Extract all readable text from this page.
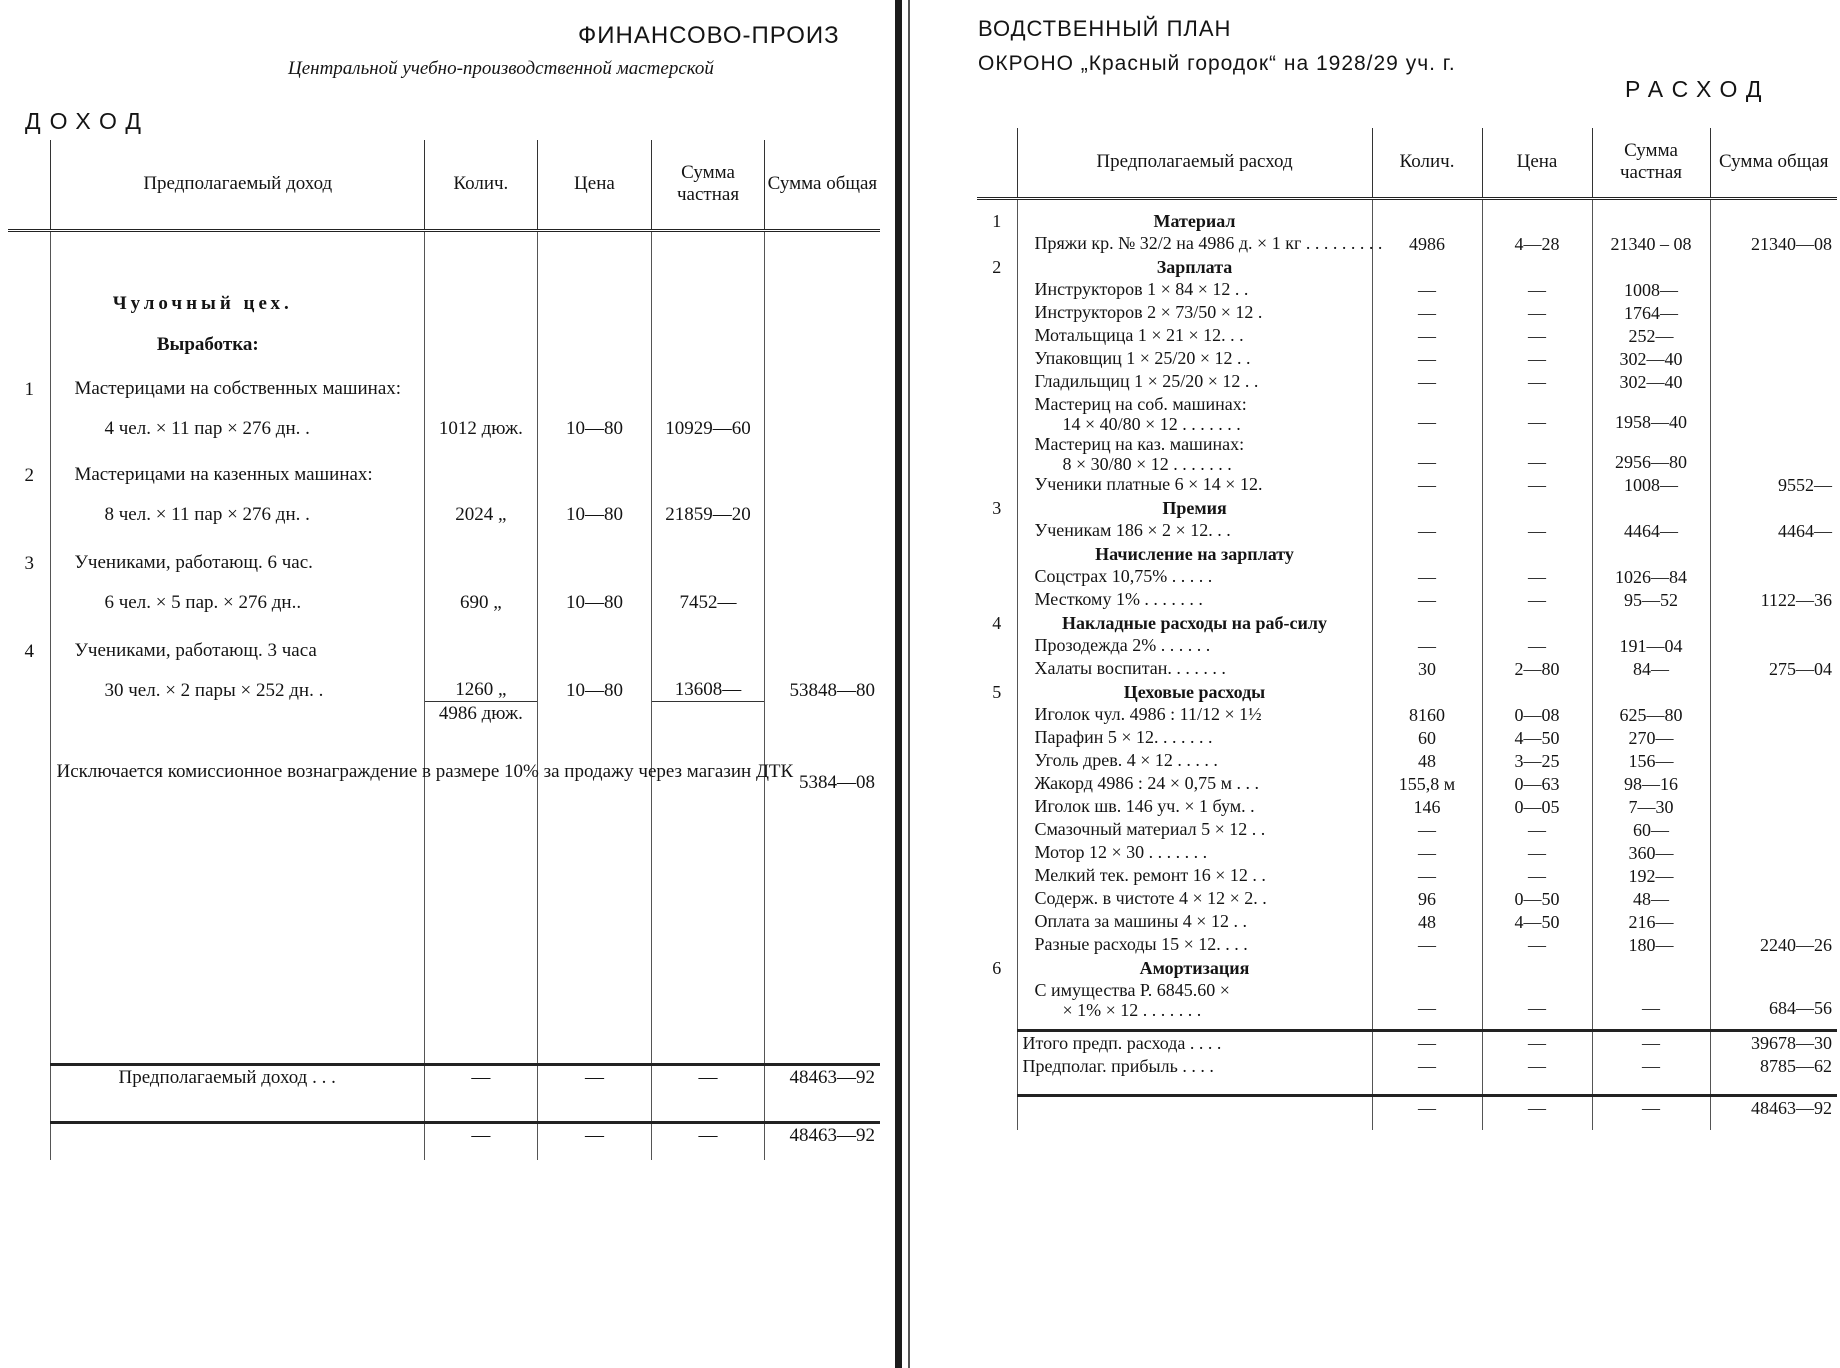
ФИНАНСОВО-ПРОИЗ
Центральной учебно-производственной мастерской
ДОХОД
	Предполагаемый доход	Колич.	Цена	Сумма частная	Сумма общая

	Чулочный цех.				

	Выработка:				

1	Мастерицами на собственных машинах:
4 чел. × 11 пар × 276 дн. .	1012 дюж.	10—80	10929—60	
2	Мастерицами на казенных машинах:
8 чел. × 11 пар × 276 дн. .	2024 „	10—80	21859—20	
3	Учениками, работающ. 6 час.
6 чел. × 5 пар. × 276 дн..	690 „	10—80	7452—	
4	Учениками, работающ. 3 часа
30 чел. × 2 пары × 252 дн. .	1260 „	10—80	13608—	53848—80
		4986 дюж.			
	Исключается комиссионное вознаграждение в размере 10% за продажу через магазин ДТК				5384—08

	Предполагаемый доход . . .	—	—	—	48463—92
		—	—	—	48463—92
ВОДСТВЕННЫЙ ПЛАН
ОКРОНО „Красный городок“ на 1928/29 уч. г.
РАСХОД
	Предполагаемый расход	Колич.	Цена	Сумма частная	Сумма общая

1	Материал				

	Пряжи кр. № 32/2 на 4986 д. × 1 кг . . . . . . . . .	4986	4—28	21340 – 08	21340—08
2	Зарплата				

	Инструкторов 1 × 84 × 12 . .	—	—	1008—	

	Инструкторов 2 × 73/50 × 12 .	—	—	1764—	

	Мотальщица 1 × 21 × 12. . .	—	—	252—	

	Упаковщиц 1 × 25/20 × 12 . .	—	—	302—40	

	Гладильщиц 1 × 25/20 × 12 . .	—	—	302—40	

	Мастериц на соб. машинах:
14 × 40/80 × 12 . . . . . . .	—	—	1958—40	

	Мастериц на каз. машинах:
8 × 30/80 × 12 . . . . . . .	—	—	2956—80	

	Ученики платные 6 × 14 × 12.	—	—	1008—	9552—
3	Премия				

	Ученикам 186 × 2 × 12. . .	—	—	4464—	4464—

	Начисление на зарплату				

	Соцстрах 10,75% . . . . .	—	—	1026—84	

	Месткому 1% . . . . . . .	—	—	95—52	1122—36
4	Накладные расходы на раб-силу				

	Прозодежда 2% . . . . . .	—	—	191—04	

	Халаты воспитан. . . . . . .	30	2—80	84—	275—04
5	Цеховые расходы				

	Иголок чул. 4986 : 11/12 × 1½	8160	0—08	625—80	

	Парафин 5 × 12. . . . . . .	60	4—50	270—	

	Уголь древ. 4 × 12 . . . . .	48	3—25	156—	

	Жакорд 4986 : 24 × 0,75 м . . .	155,8 м	0—63	98—16	

	Иголок шв. 146 уч. × 1 бум. .	146	0—05	7—30	

	Смазочный материал 5 × 12 . .	—	—	60—	

	Мотор 12 × 30 . . . . . . .	—	—	360—	

	Мелкий тек. ремонт 16 × 12 . .	—	—	192—	

	Содерж. в чистоте 4 × 12 × 2. .	96	0—50	48—	

	Оплата за машины 4 × 12 . .	48	4—50	216—	

	Разные расходы 15 × 12. . . .	—	—	180—	2240—26
6	Амортизация				

	С имущества Р. 6845.60 ×
× 1% × 12 . . . . . . .	—	—	—	684—56

	Итого предп. расхода . . . .	—	—	—	39678—30
	Предполаг. прибыль . . . .	—	—	—	8785—62

		—	—	—	48463—92
